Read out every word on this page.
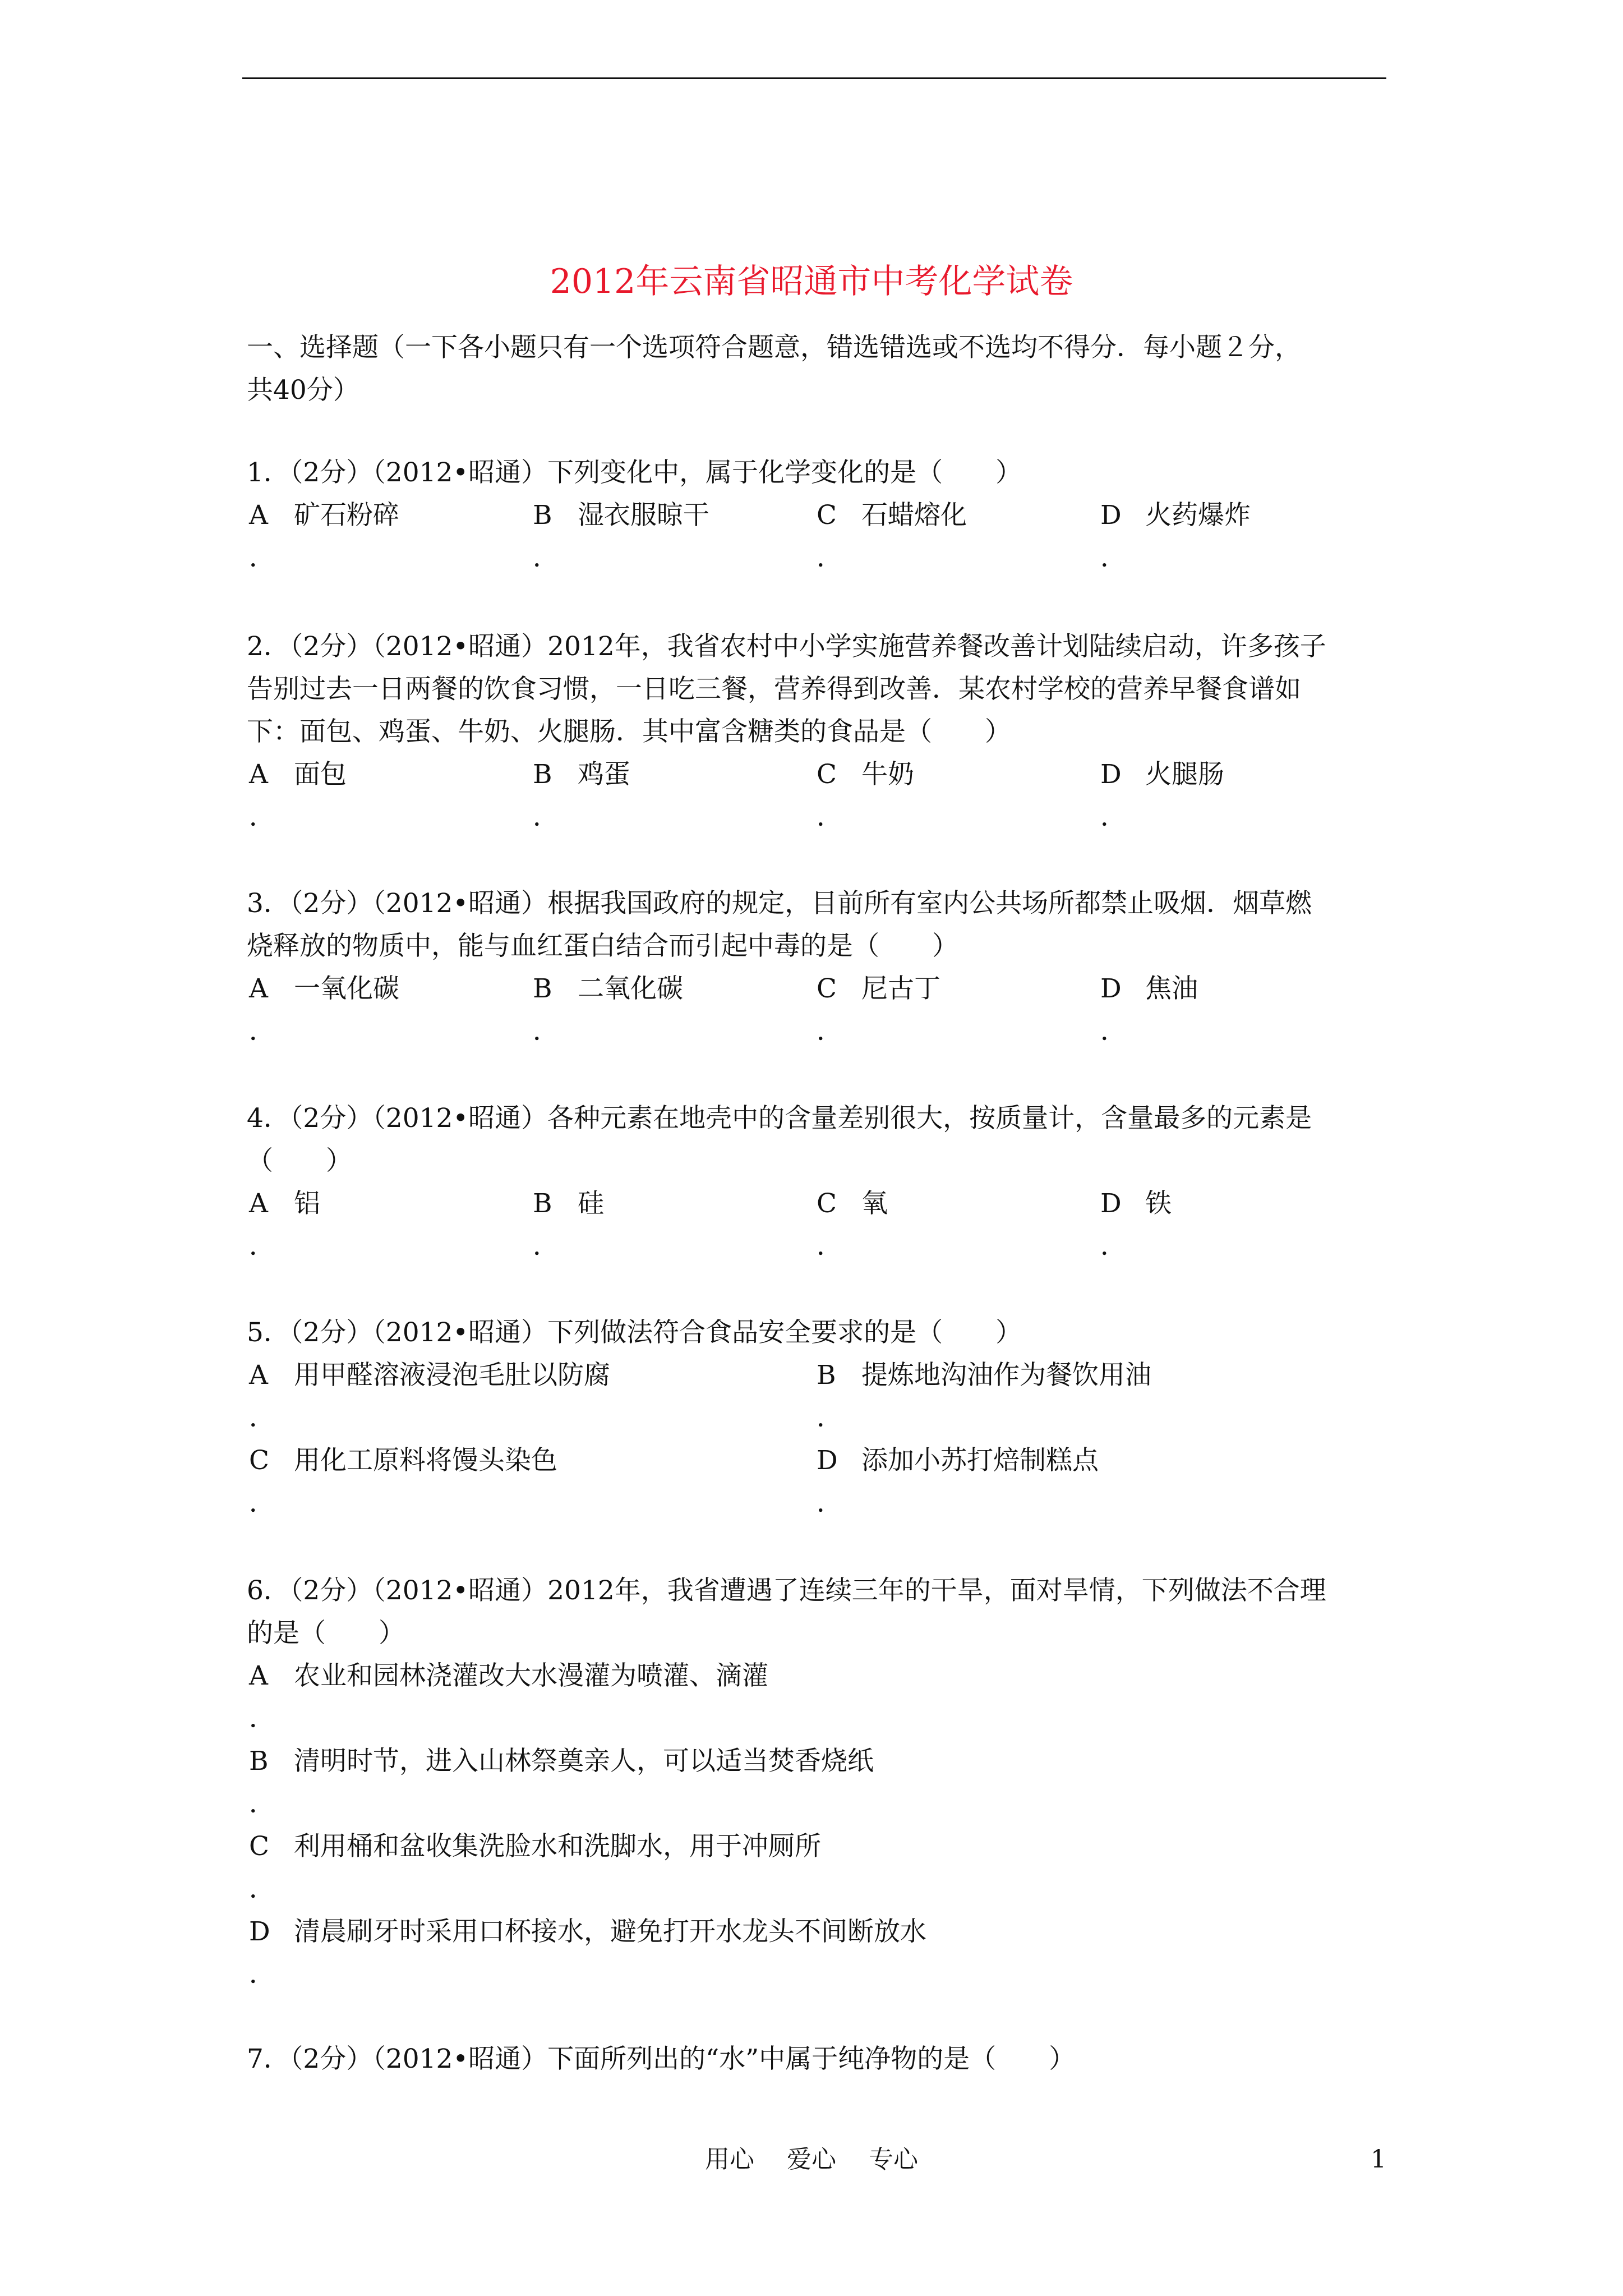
2012年云南省昭通市中考化学试卷
一、选择题（一下各小题只有一个选项符合题意，错选错选或不选均不得分．每小题２分，
共40分）
1．（2分）（2012•昭通）下列变化中，属于化学变化的是（　　）
A 矿石粉碎	B 湿衣服晾干	C 石蜡熔化	D 火药爆炸
．	．	．	．
2．（2分）（2012•昭通）2012年，我省农村中小学实施营养餐改善计划陆续启动，许多孩子
告别过去一日两餐的饮食习惯，一日吃三餐，营养得到改善．某农村学校的营养早餐食谱如
下：面包、鸡蛋、牛奶、火腿肠．其中富含糖类的食品是（　　）
A 面包	B 鸡蛋	C 牛奶	D 火腿肠
．	．	．	．
3．（2分）（2012•昭通）根据我国政府的规定，目前所有室内公共场所都禁止吸烟．烟草燃
烧释放的物质中，能与血红蛋白结合而引起中毒的是（　　）
A 一氧化碳	B 二氧化碳	C 尼古丁	D 焦油
．	．	．	．
4．（2分）（2012•昭通）各种元素在地壳中的含量差别很大，按质量计，含量最多的元素是
（　　）
A 铝	B 硅	C 氧	D 铁
．	．	．	．
5．（2分）（2012•昭通）下列做法符合食品安全要求的是（　　）
A 用甲醛溶液浸泡毛肚以防腐	B 提炼地沟油作为餐饮用油
．	．
C 用化工原料将馒头染色	D 添加小苏打焙制糕点
．	．
6．（2分）（2012•昭通）2012年，我省遭遇了连续三年的干旱，面对旱情，下列做法不合理
的是（　　）
A 农业和园林浇灌改大水漫灌为喷灌、滴灌
．
B 清明时节，进入山林祭奠亲人，可以适当焚香烧纸
．
C 利用桶和盆收集洗脸水和洗脚水，用于冲厕所
．
D 清晨刷牙时采用口杯接水，避免打开水龙头不间断放水
．
7．（2分）（2012•昭通）下面所列出的“水”中属于纯净物的是（　　）
用心 爱心 专心	1
